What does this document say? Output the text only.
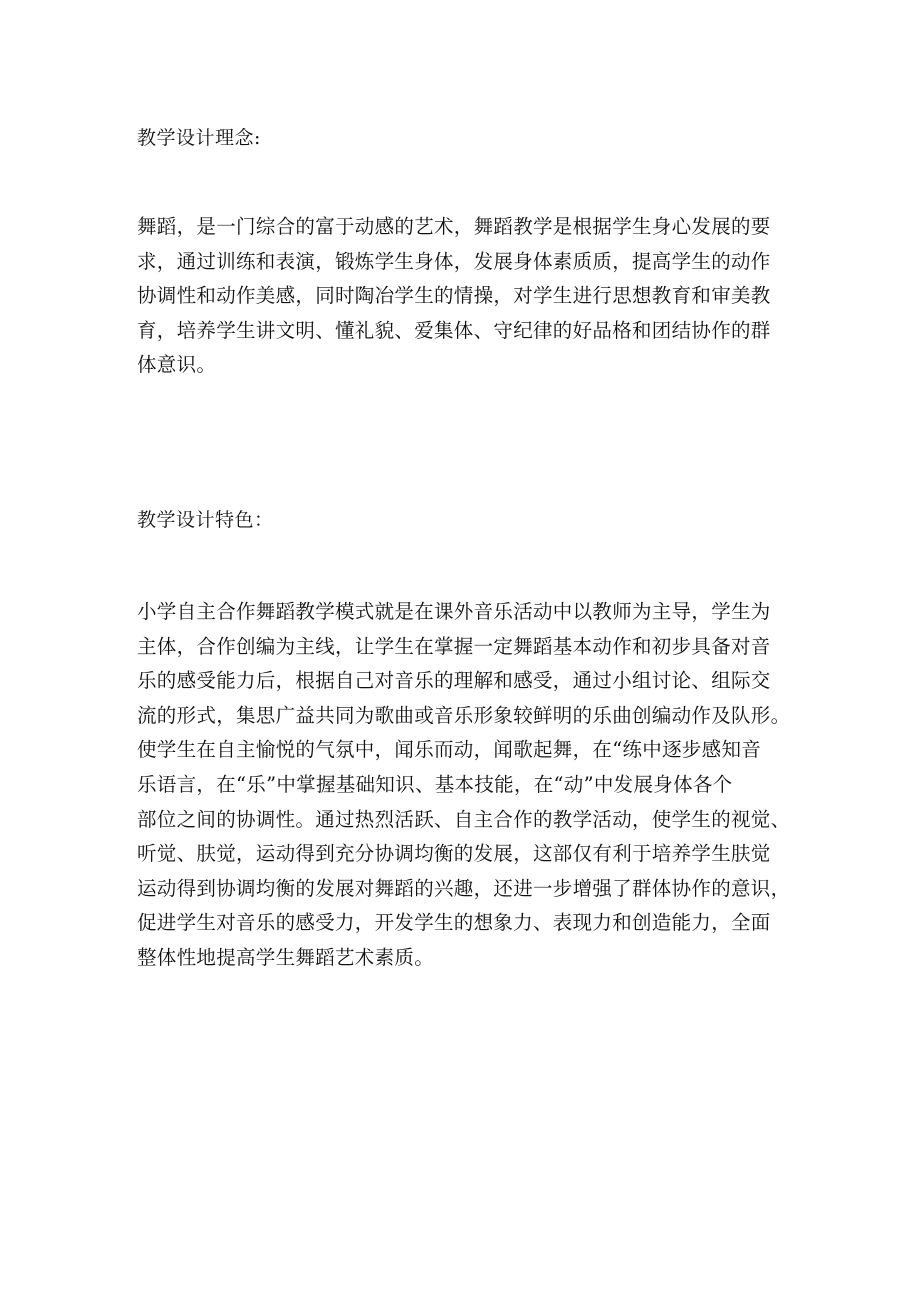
教学设计理念:
舞蹈，是一门综合的富于动感的艺术，舞蹈教学是根据学生身心发展的要
求，通过训练和表演，锻炼学生身体，发展身体素质质，提高学生的动作
协调性和动作美感，同时陶冶学生的情操，对学生进行思想教育和审美教
育，培养学生讲文明、懂礼貌、爱集体、守纪律的好品格和团结协作的群
体意识。
教学设计特色：
小学自主合作舞蹈教学模式就是在课外音乐活动中以教师为主导，学生为
主体，合作创编为主线，让学生在掌握一定舞蹈基本动作和初步具备对音
乐的感受能力后，根据自己对音乐的理解和感受，通过小组讨论、组际交
流的形式，集思广益共同为歌曲或音乐形象较鲜明的乐曲创编动作及队形。
使学生在自主愉悦的气氛中，闻乐而动，闻歌起舞，在“练中逐步感知音
乐语言，在“乐”中掌握基础知识、基本技能，在“动”中发展身体各个
部位之间的协调性。通过热烈活跃、自主合作的教学活动，使学生的视觉、
听觉、肤觉，运动得到充分协调均衡的发展，这部仅有利于培养学生肤觉
运动得到协调均衡的发展对舞蹈的兴趣，还进一步增强了群体协作的意识，
促进学生对音乐的感受力，开发学生的想象力、表现力和创造能力，全面
整体性地提高学生舞蹈艺术素质。
